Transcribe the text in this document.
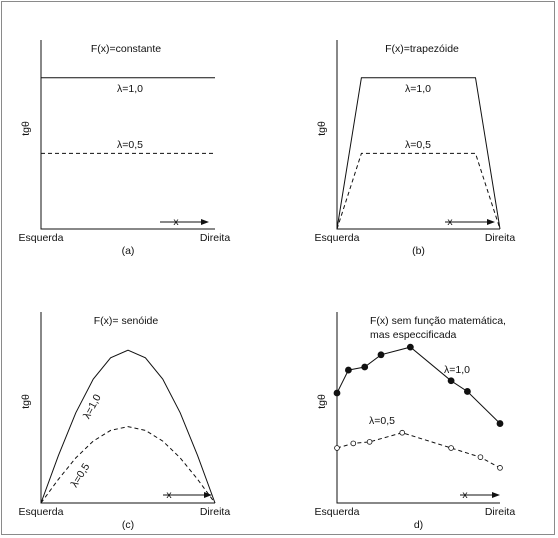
F(x)=constante
tgθ
x
Esquerda	Direita
(a)
λ=1,0
λ=0,5
F(x)=trapezóide
tgθ
x
Esquerda	Direita
(b)
λ=1,0
λ=0,5
F(x)= senóide
tgθ
x
Esquerda	Direita
(c)
λ=1,0
λ=0,5
F(x) sem função matemática,
mas especcificada
tgθ
x
Esquerda	Direita
d)
λ=1,0
λ=0,5
